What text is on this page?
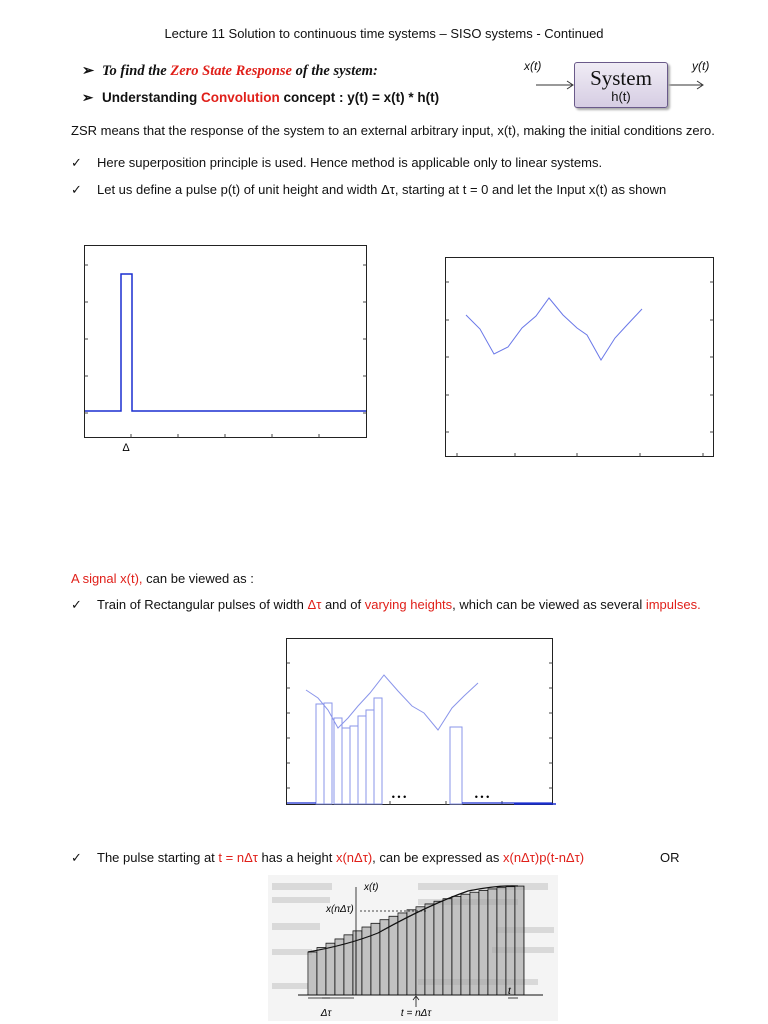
Lecture 11 Solution to continuous time systems – SISO systems - Continued
➢ To find the Zero State Response of the system:
➢ Understanding Convolution concept : y(t) = x(t) * h(t)
x(t)	y(t)
System
h(t)
ZSR means that the response of the system to an external arbitrary input, x(t), making the initial conditions zero.
✓ Here superposition principle is used. Hence method is applicable only to linear systems.
✓ Let us define a pulse p(t) of unit height and width Δτ, starting at t = 0 and let the Input x(t) as shown
Δ
A signal x(t), can be viewed as :
✓ Train of Rectangular pulses of width Δτ and of varying heights, which can be viewed as several impulses.
• • •	• • •
✓ The pulse starting at t = nΔτ has a height x(nΔτ), can be expressed as x(nΔτ)p(t-nΔτ)	OR
x(t)
x(nΔτ)
Δτ	t = nΔτ
t
